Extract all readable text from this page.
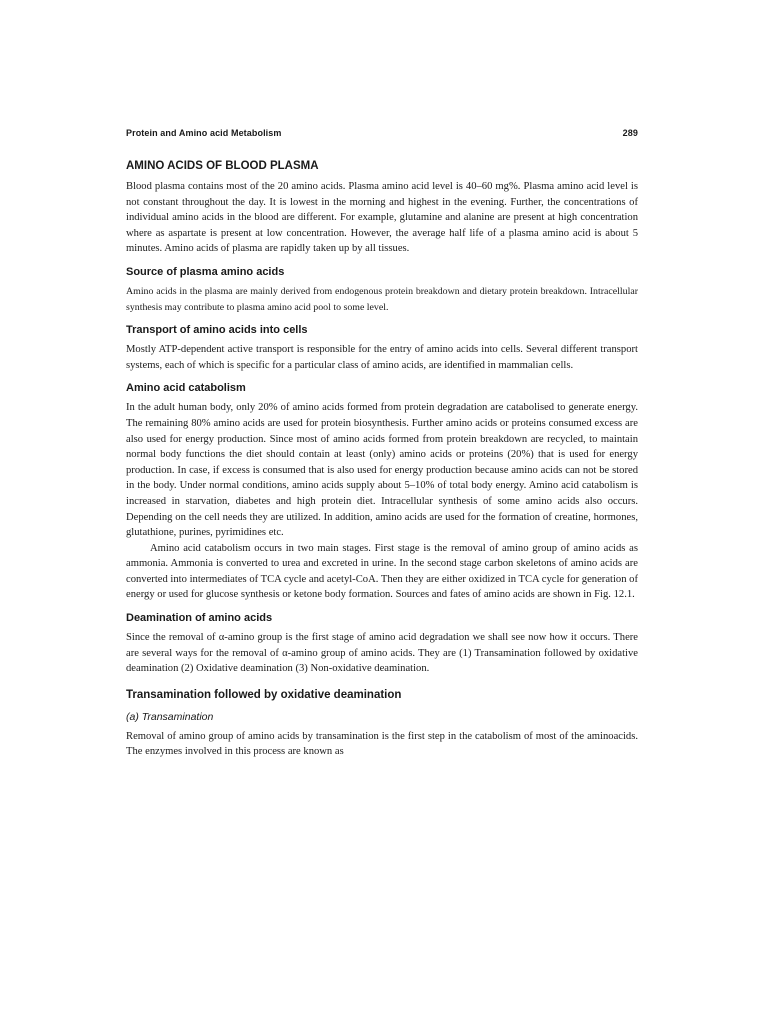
Protein and Amino acid Metabolism	289
AMINO ACIDS OF BLOOD PLASMA

Blood plasma contains most of the 20 amino acids. Plasma amino acid level is 40–60 mg%. Plasma amino acid level is not constant throughout the day. It is lowest in the morning and highest in the evening. Further, the concentrations of individual amino acids in the blood are different. For example, glutamine and alanine are present at high concentration where as aspartate is present at low concentration. However, the average half life of a plasma amino acid is about 5 minutes. Amino acids of plasma are rapidly taken up by all tissues.

Source of plasma amino acids

Amino acids in the plasma are mainly derived from endogenous protein breakdown and dietary protein breakdown. Intracellular synthesis may contribute to plasma amino acid pool to some level.

Transport of amino acids into cells

Mostly ATP-dependent active transport is responsible for the entry of amino acids into cells. Several different transport systems, each of which is specific for a particular class of amino acids, are identified in mammalian cells.

Amino acid catabolism

In the adult human body, only 20% of amino acids formed from protein degradation are catabolised to generate energy. The remaining 80% amino acids are used for protein biosynthesis. Further amino acids or proteins consumed excess are also used for energy production. Since most of amino acids formed from protein breakdown are recycled, to maintain normal body functions the diet should contain at least (only) amino acids or proteins (20%) that is used for energy production. In case, if excess is consumed that is also used for energy production because amino acids can not be stored in the body. Under normal conditions, amino acids supply about 5–10% of total body energy. Amino acid catabolism is increased in starvation, diabetes and high protein diet. Intracellular synthesis of some amino acids also occurs. Depending on the cell needs they are utilized. In addition, amino acids are used for the formation of creatine, hormones, glutathione, purines, pyrimidines etc.

Amino acid catabolism occurs in two main stages. First stage is the removal of amino group of amino acids as ammonia. Ammonia is converted to urea and excreted in urine. In the second stage carbon skeletons of amino acids are converted into intermediates of TCA cycle and acetyl-CoA. Then they are either oxidized in TCA cycle for generation of energy or used for glucose synthesis or ketone body formation. Sources and fates of amino acids are shown in Fig. 12.1.

Deamination of amino acids

Since the removal of α-amino group is the first stage of amino acid degradation we shall see now how it occurs. There are several ways for the removal of α-amino group of amino acids. They are (1) Transamination followed by oxidative deamination (2) Oxidative deamination (3) Non-oxidative deamination.

Transamination followed by oxidative deamination
(a) Transamination

Removal of amino group of amino acids by transamination is the first step in the catabolism of most of the aminoacids. The enzymes involved in this process are known as
